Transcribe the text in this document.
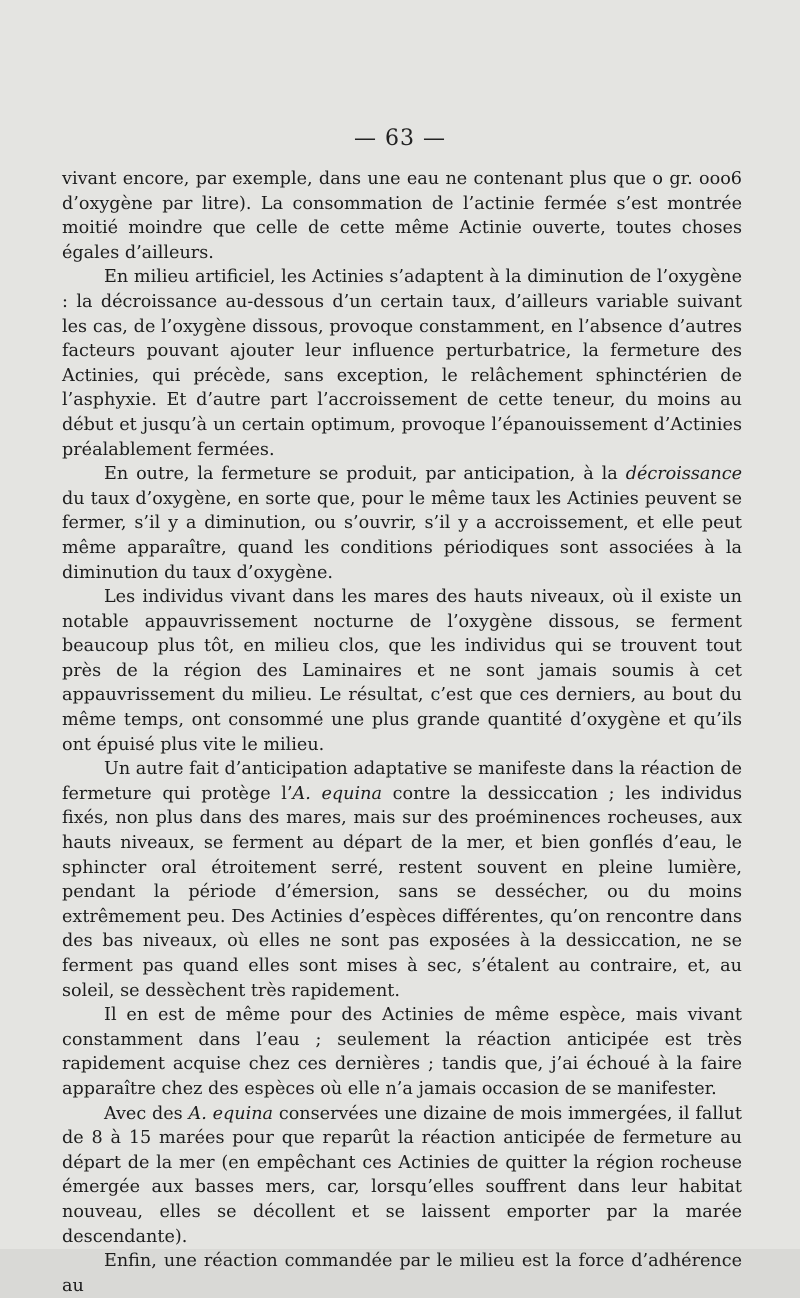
— 63 —

vivant encore, par exemple, dans une eau ne contenant plus que o gr. ooo6 d’oxygène par litre). La consommation de l’actinie fermée s’est montrée moitié moindre que celle de cette même Actinie ouverte, toutes choses égales d’ailleurs.

En milieu artificiel, les Actinies s’adaptent à la diminution de l’oxygène : la décroissance au-dessous d’un certain taux, d’ailleurs variable suivant les cas, de l’oxygène dissous, provoque constamment, en l’absence d’autres facteurs pouvant ajouter leur influence perturbatrice, la fermeture des Actinies, qui précède, sans exception, le relâchement sphinctérien de l’asphyxie. Et d’autre part l’accroissement de cette teneur, du moins au début et jusqu’à un certain optimum, provoque l’épanouissement d’Actinies préalablement fermées.

En outre, la fermeture se produit, par anticipation, à la décroissance du taux d’oxygène, en sorte que, pour le même taux les Actinies peuvent se fermer, s’il y a diminution, ou s’ouvrir, s’il y a accroissement, et elle peut même apparaître, quand les conditions périodiques sont associées à la diminution du taux d’oxygène.

Les individus vivant dans les mares des hauts niveaux, où il existe un notable appauvrissement nocturne de l’oxygène dissous, se ferment beaucoup plus tôt, en milieu clos, que les individus qui se trouvent tout près de la région des Laminaires et ne sont jamais soumis à cet appauvrissement du milieu. Le résultat, c’est que ces derniers, au bout du même temps, ont consommé une plus grande quantité d’oxygène et qu’ils ont épuisé plus vite le milieu.

Un autre fait d’anticipation adaptative se manifeste dans la réaction de fermeture qui protège l’A. equina contre la dessiccation ; les individus fixés, non plus dans des mares, mais sur des proéminences rocheuses, aux hauts niveaux, se ferment au départ de la mer, et bien gonflés d’eau, le sphincter oral étroitement serré, restent souvent en pleine lumière, pendant la période d’émersion, sans se dessécher, ou du moins extrêmement peu. Des Actinies d’espèces différentes, qu’on rencontre dans des bas niveaux, où elles ne sont pas exposées à la dessiccation, ne se ferment pas quand elles sont mises à sec, s’étalent au contraire, et, au soleil, se dessèchent très rapidement.

Il en est de même pour des Actinies de même espèce, mais vivant constamment dans l’eau ; seulement la réaction anticipée est très rapidement acquise chez ces dernières ; tandis que, j’ai échoué à la faire apparaître chez des espèces où elle n’a jamais occasion de se manifester.

Avec des A. equina conservées une dizaine de mois immergées, il fallut de 8 à 15 marées pour que reparût la réaction anticipée de fermeture au départ de la mer (en empêchant ces Actinies de quitter la région rocheuse émergée aux basses mers, car, lorsqu’elles souffrent dans leur habitat nouveau, elles se décollent et se laissent emporter par la marée descendante).

Enfin, une réaction commandée par le milieu est la force d’adhérence au
